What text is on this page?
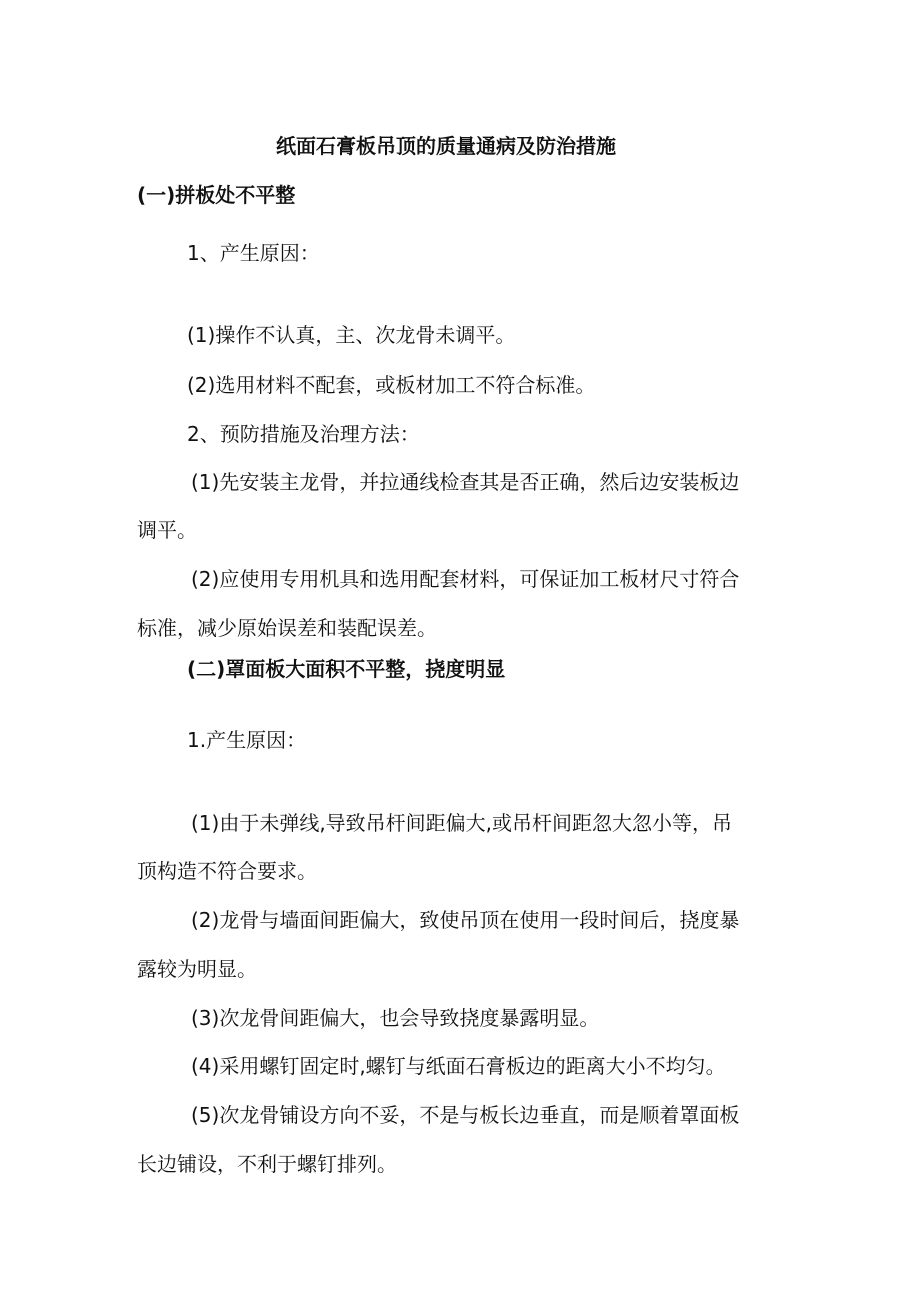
纸面石膏板吊顶的质量通病及防治措施

(一)拼板处不平整

1、产生原因：

(1)操作不认真，主、次龙骨未调平。

(2)选用材料不配套，或板材加工不符合标准。

2、预防措施及治理方法：

(1)先安装主龙骨，并拉通线检查其是否正确，然后边安装板边

调平。

(2)应使用专用机具和选用配套材料，可保证加工板材尺寸符合

标准，减少原始误差和装配误差。

(二)罩面板大面积不平整，挠度明显

1.产生原因：

(1)由于未弹线,导致吊杆间距偏大,或吊杆间距忽大忽小等，吊

顶构造不符合要求。

(2)龙骨与墙面间距偏大，致使吊顶在使用一段时间后，挠度暴

露较为明显。

(3)次龙骨间距偏大，也会导致挠度暴露明显。

(4)采用螺钉固定时,螺钉与纸面石膏板边的距离大小不均匀。

(5)次龙骨铺设方向不妥，不是与板长边垂直，而是顺着罩面板

长边铺设，不利于螺钉排列。
